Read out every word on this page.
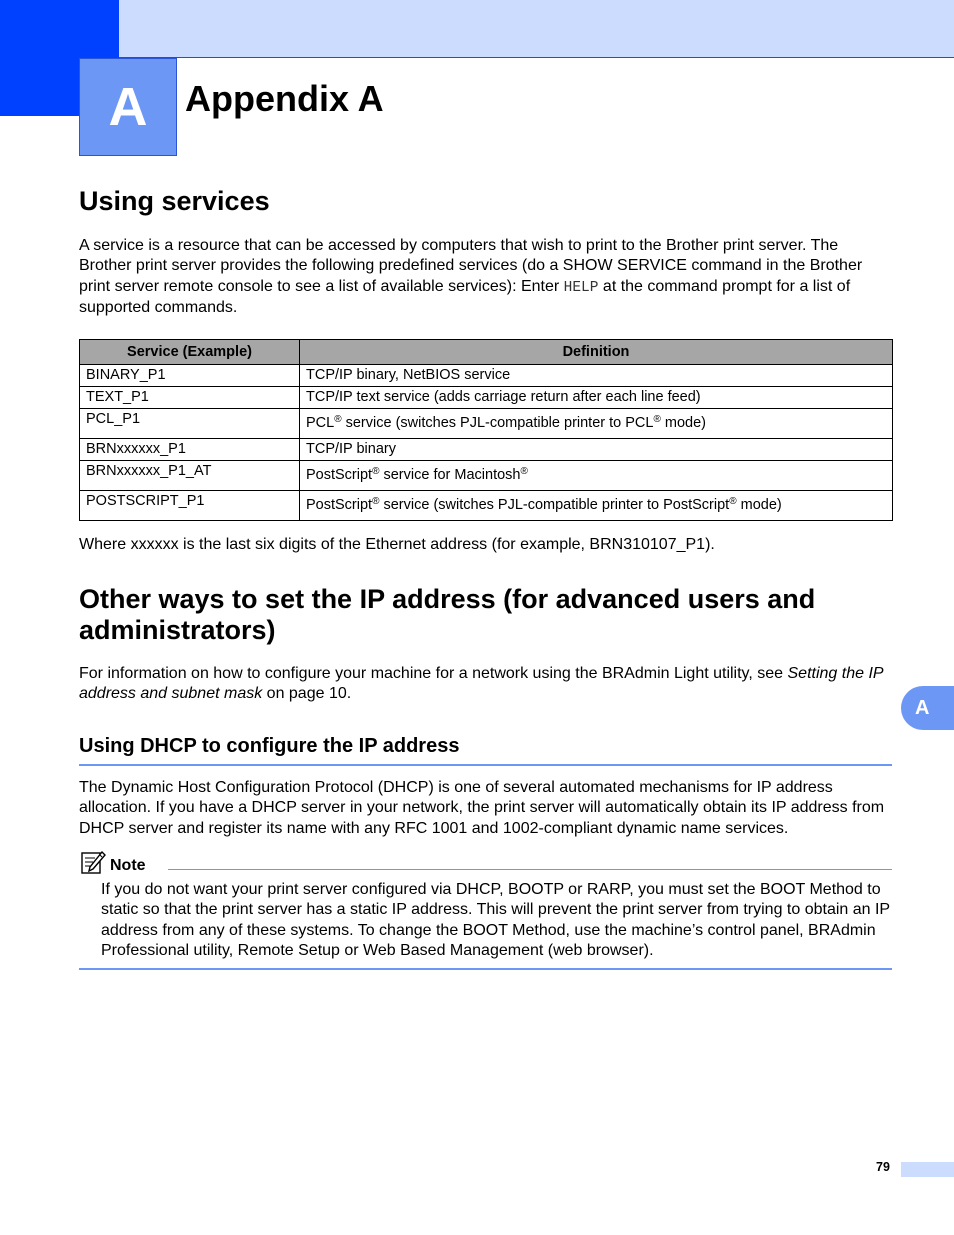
A Appendix A
Using services

A service is a resource that can be accessed by computers that wish to print to the Brother print server. The Brother print server provides the following predefined services (do a SHOW SERVICE command in the Brother print server remote console to see a list of available services): Enter HELP at the command prompt for a list of supported commands.

Service (Example)	Definition
BINARY_P1	TCP/IP binary, NetBIOS service
TEXT_P1	TCP/IP text service (adds carriage return after each line feed)
PCL_P1	PCL® service (switches PJL-compatible printer to PCL® mode)
BRNxxxxxx_P1	TCP/IP binary
BRNxxxxxx_P1_AT	PostScript® service for Macintosh®
POSTSCRIPT_P1	PostScript® service (switches PJL-compatible printer to PostScript® mode)

Where xxxxxx is the last six digits of the Ethernet address (for example, BRN310107_P1).

Other ways to set the IP address (for advanced users and
administrators)

For information on how to configure your machine for a network using the BRAdmin Light utility, see Setting the IP address and subnet mask on page 10.

A
Using DHCP to configure the IP address

The Dynamic Host Configuration Protocol (DHCP) is one of several automated mechanisms for IP address allocation. If you have a DHCP server in your network, the print server will automatically obtain its IP address from DHCP server and register its name with any RFC 1001 and 1002-compliant dynamic name services.

Note

If you do not want your print server configured via DHCP, BOOTP or RARP, you must set the BOOT Method to static so that the print server has a static IP address. This will prevent the print server from trying to obtain an IP address from any of these systems. To change the BOOT Method, use the machine’s control panel, BRAdmin Professional utility, Remote Setup or Web Based Management (web browser).

79
